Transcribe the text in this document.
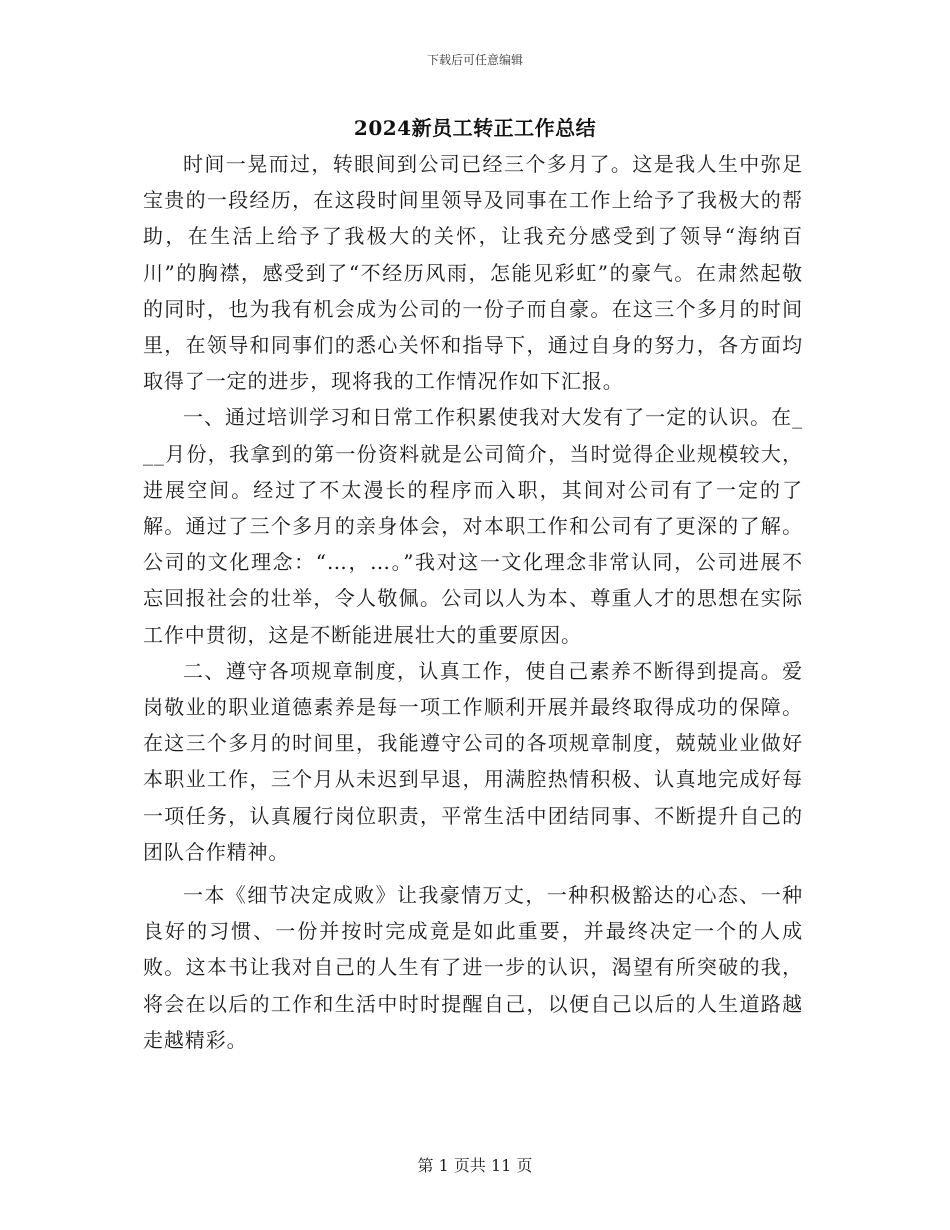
下载后可任意编辑
2024新员工转正工作总结

时间一晃而过，转眼间到公司已经三个多月了。这是我人生中弥足宝贵的一段经历，在这段时间里领导及同事在工作上给予了我极大的帮助，在生活上给予了我极大的关怀，让我充分感受到了领导“海纳百川”的胸襟，感受到了“不经历风雨，怎能见彩虹”的豪气。在肃然起敬的同时，也为我有机会成为公司的一份子而自豪。在这三个多月的时间里，在领导和同事们的悉心关怀和指导下，通过自身的努力，各方面均取得了一定的进步，现将我的工作情况作如下汇报。

一、通过培训学习和日常工作积累使我对大发有了一定的认识。在___月份，我拿到的第一份资料就是公司简介，当时觉得企业规模较大，进展空间。经过了不太漫长的程序而入职，其间对公司有了一定的了解。通过了三个多月的亲身体会，对本职工作和公司有了更深的了解。公司的文化理念：“…，…。”我对这一文化理念非常认同，公司进展不忘回报社会的壮举，令人敬佩。公司以人为本、尊重人才的思想在实际工作中贯彻，这是不断能进展壮大的重要原因。

二、遵守各项规章制度，认真工作，使自己素养不断得到提高。爱岗敬业的职业道德素养是每一项工作顺利开展并最终取得成功的保障。在这三个多月的时间里，我能遵守公司的各项规章制度，兢兢业业做好本职业工作，三个月从未迟到早退，用满腔热情积极、认真地完成好每一项任务，认真履行岗位职责，平常生活中团结同事、不断提升自己的团队合作精神。

一本《细节决定成败》让我豪情万丈，一种积极豁达的心态、一种良好的习惯、一份并按时完成竟是如此重要，并最终决定一个的人成败。这本书让我对自己的人生有了进一步的认识，渴望有所突破的我，将会在以后的工作和生活中时时提醒自己，以便自己以后的人生道路越走越精彩。

第 1 页共 11 页
